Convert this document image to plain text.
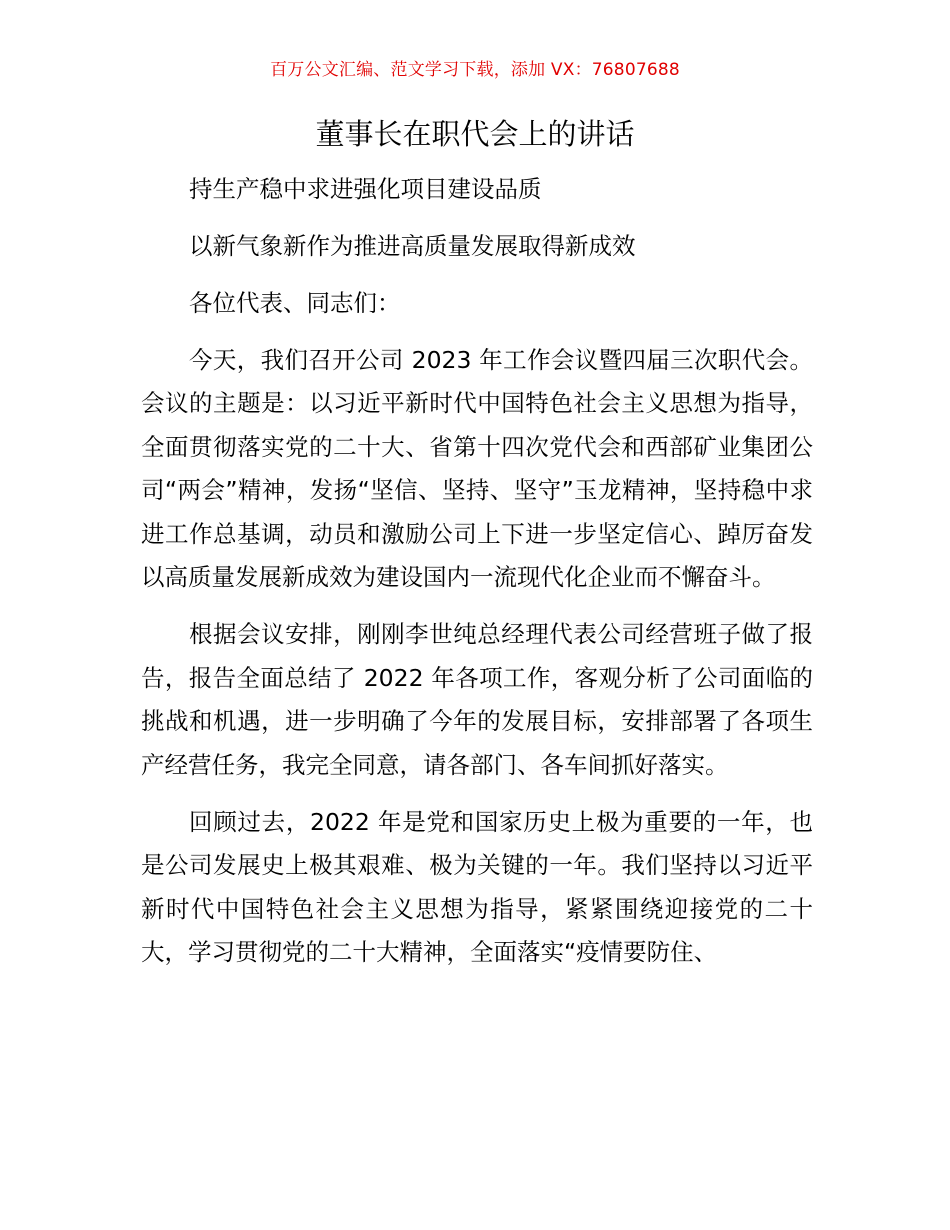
百万公文汇编、范文学习下载，添加 VX：76807688
董事长在职代会上的讲话

持生产稳中求进强化项目建设品质

以新气象新作为推进高质量发展取得新成效

各位代表、同志们：

今天，我们召开公司 2023 年工作会议暨四届三次职代会。会议的主题是：以习近平新时代中国特色社会主义思想为指导，全面贯彻落实党的二十大、省第十四次党代会和西部矿业集团公司“两会”精神，发扬“坚信、坚持、坚守”玉龙精神，坚持稳中求进工作总基调，动员和激励公司上下进一步坚定信心、踔厉奋发以高质量发展新成效为建设国内一流现代化企业而不懈奋斗。

根据会议安排，刚刚李世纯总经理代表公司经营班子做了报告，报告全面总结了 2022 年各项工作，客观分析了公司面临的挑战和机遇，进一步明确了今年的发展目标，安排部署了各项生产经营任务，我完全同意，请各部门、各车间抓好落实。

回顾过去，2022 年是党和国家历史上极为重要的一年，也是公司发展史上极其艰难、极为关键的一年。我们坚持以习近平新时代中国特色社会主义思想为指导，紧紧围绕迎接党的二十大，学习贯彻党的二十大精神，全面落实“疫情要防住、
